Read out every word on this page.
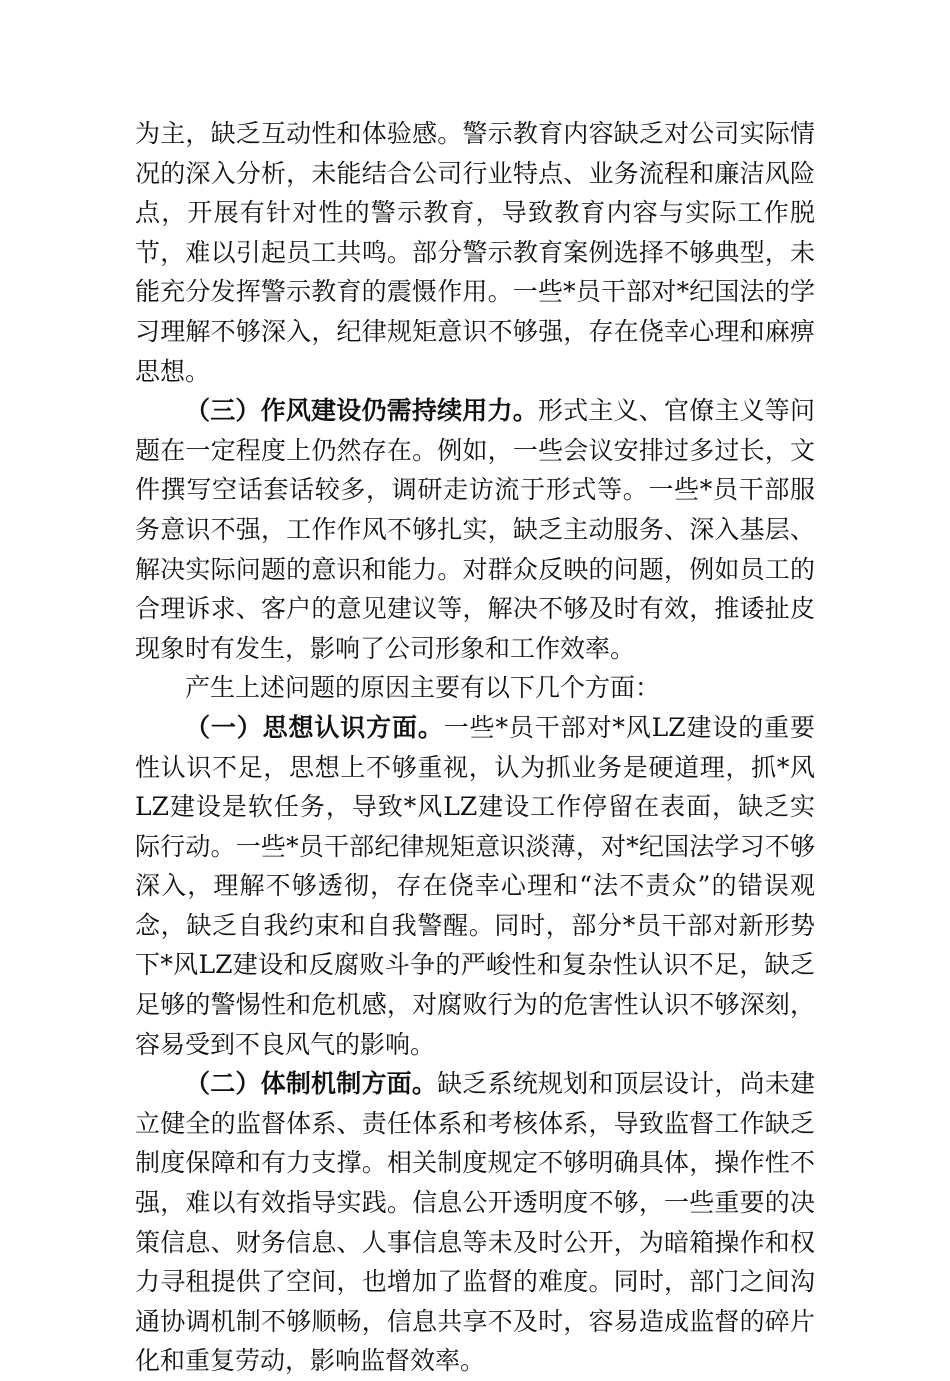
为主，缺乏互动性和体验感。警示教育内容缺乏对公司实际情况的深入分析，未能结合公司行业特点、业务流程和廉洁风险点，开展有针对性的警示教育，导致教育内容与实际工作脱节，难以引起员工共鸣。部分警示教育案例选择不够典型，未能充分发挥警示教育的震慑作用。一些*员干部对*纪国法的学习理解不够深入，纪律规矩意识不够强，存在侥幸心理和麻痹思想。

（三）作风建设仍需持续用力。形式主义、官僚主义等问题在一定程度上仍然存在。例如，一些会议安排过多过长，文件撰写空话套话较多，调研走访流于形式等。一些*员干部服务意识不强，工作作风不够扎实，缺乏主动服务、深入基层、解决实际问题的意识和能力。对群众反映的问题，例如员工的合理诉求、客户的意见建议等，解决不够及时有效，推诿扯皮现象时有发生，影响了公司形象和工作效率。

产生上述问题的原因主要有以下几个方面：

（一）思想认识方面。一些*员干部对*风LZ建设的重要性认识不足，思想上不够重视，认为抓业务是硬道理，抓*风LZ建设是软任务，导致*风LZ建设工作停留在表面，缺乏实际行动。一些*员干部纪律规矩意识淡薄，对*纪国法学习不够深入，理解不够透彻，存在侥幸心理和“法不责众”的错误观念，缺乏自我约束和自我警醒。同时，部分*员干部对新形势下*风LZ建设和反腐败斗争的严峻性和复杂性认识不足，缺乏足够的警惕性和危机感，对腐败行为的危害性认识不够深刻，容易受到不良风气的影响。

（二）体制机制方面。缺乏系统规划和顶层设计，尚未建立健全的监督体系、责任体系和考核体系，导致监督工作缺乏制度保障和有力支撑。相关制度规定不够明确具体，操作性不强，难以有效指导实践。信息公开透明度不够，一些重要的决策信息、财务信息、人事信息等未及时公开，为暗箱操作和权力寻租提供了空间，也增加了监督的难度。同时，部门之间沟通协调机制不够顺畅，信息共享不及时，容易造成监督的碎片化和重复劳动，影响监督效率。
